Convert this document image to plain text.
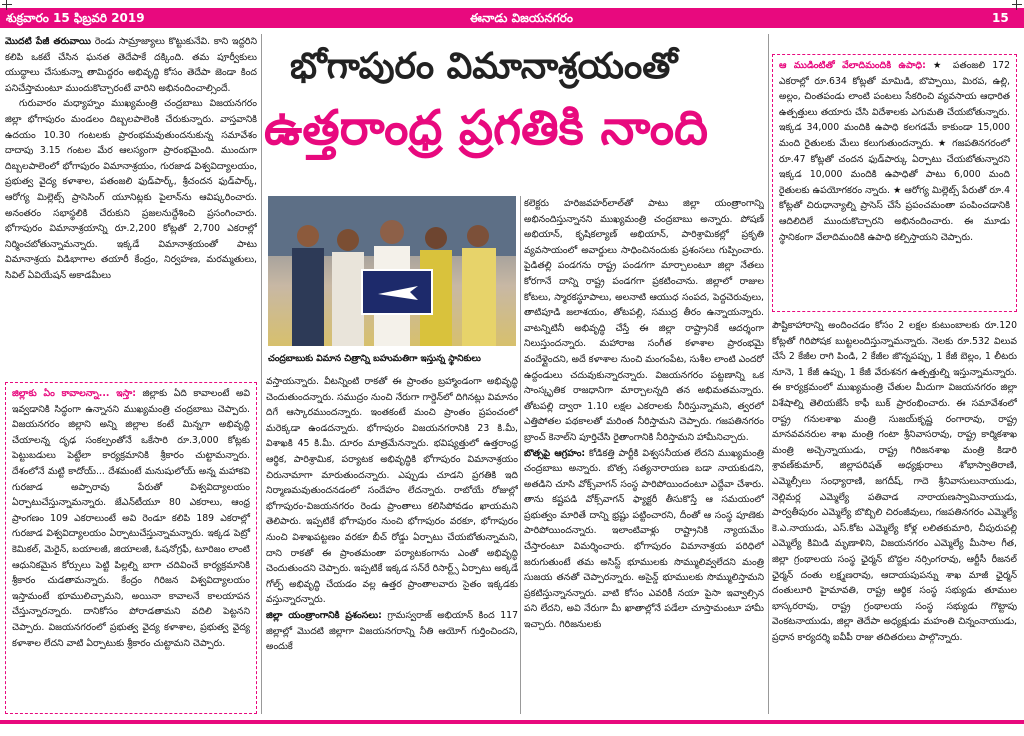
శుక్రవారం 15 ఫిబ్రవరి 2019	ఈనాడు విజయనగరం	15

మొదటి పేజీ తరువాయి రెండు సామ్రాజ్యాలు కొట్టుకునేవి. కాని ఇద్దరిని కలిపి ఒకటే చేసిన ఘనత తెదేపాకే దక్కింది. తమ పూర్వీకులు యుద్ధాలు చేసుకున్నా తామిద్దరం అభివృద్ధి కోసం తెదేపా జెండా కింద పనిచేస్తామంటూ ముందుకొచ్చారంటే వారిని అభినందించాల్సిందే.

గురువారం మధ్యాహ్నం ముఖ్యమంత్రి చంద్రబాబు విజయనగరం జిల్లా భోగాపురం మండలం దిబ్బలపాలెంకి చేరుకున్నారు. వాస్తవానికి ఉదయం 10.30 గంటలకు ప్రారంభమవుతుందనుకున్న సమావేశం దాదాపు 3.15 గంటల మేర ఆలస్యంగా ప్రారంభమైంది. ముందుగా దిబ్బలపాలెంలో భోగాపురం విమానాశ్రయం, గురజాడ విశ్వవిద్యాలయం, ప్రభుత్వ వైద్య కళాశాల, పతంజలి ఫుడ్‌పార్క్‌, శ్రీచందన ఫుడ్‌పార్క్‌, ఆరోగ్య మిల్లెట్స్‌ ప్రాసెసింగ్ యూనిట్లకు పైలాన్‌ను ఆవిష్కరించారు. అనంతరం సభాస్థలికి చేరుకుని ప్రజలనుద్దేశించి ప్రసంగించారు. భోగాపురం విమానాశ్రయాన్ని రూ.2,200 కోట్లతో 2,700 ఎకరాల్లో నిర్మించబోతున్నామన్నారు. ఇక్కడే విమానాశ్రయంతో పాటు విమానాశ్రయ విడిభాగాల తయారీ కేంద్రం, నిర్వహణ, మరమ్మతులు, సివిల్ ఏవియేషన్ అకాడమీలు

జిల్లాకు ఏం కావాలన్నా... ఇస్తా: జిల్లాకు ఏది కావాలంటే అవి ఇవ్వడానికి సిద్ధంగా ఉన్నానని ముఖ్యమంత్రి చంద్రబాబు చెప్పారు. విజయనగరం జిల్లాని అన్ని జిల్లాల కంటే మిన్నగా అభివృద్ధి చేయాలన్న దృఢ సంకల్పంతోనే ఒకేసారి రూ.3,000 కోట్లకు పెట్టుబడులు పెట్టేలా కార్యక్రమానికి శ్రీకారం చుట్టామన్నారు. దేశంలోనే మట్టి కాదోయ్... దేశమంటే మనుషులోయ్ అన్న మహాకవి గురజాడ అప్పారావు పేరుతో విశ్వవిద్యాలయం ఏర్పాటుచేస్తున్నామన్నారు. జేఎన్‌టీయూ 80 ఎకరాలు, ఆంధ్ర ప్రాంగణం 109 ఎకరాలుంటే అవి రెండూ కలిపి 189 ఎకరాల్లో గురజాడ విశ్వవిద్యాలయం ఏర్పాటుచేస్తున్నామన్నారు. ఇక్కడ పెట్రో కెమికల్, మెరైన్, బయాలజీ, జియాలజీ, ఓషనోగ్రఫీ, టూరిజం లాంటి ఆధునికమైన కోర్సులు పెట్టి పిల్లల్ని బాగా చదివించే కార్యక్రమానికి శ్రీకారం చుడతామన్నారు. కేంద్రం గిరిజన విశ్వవిద్యాలయం ఇస్తామంటే భూములిచ్చామని, అయినా కావాలనే కాలయాపన చేస్తున్నారన్నారు. దానికోసం పోరాడతామని వదిలి పెట్టనని చెప్పారు. విజయనగరంలో ప్రభుత్వ వైద్య కళాశాల, ప్రభుత్వ వైద్య కళాశాల లేదని వాటి ఏర్పాటుకు శ్రీకారం చుట్టామని చెప్పారు.
భోగాపురం విమానాశ్రయంతో
ఉత్తరాంధ్ర ప్రగతికి నాంది
చంద్రబాబుకు విమాన చిత్రాన్ని బహుమతిగా ఇస్తున్న స్థానికులు

వస్తాయన్నారు. వీటన్నింటి రాకతో ఈ ప్రాంతం బ్రహ్మాండంగా అభివృద్ధి చెందుతుందన్నారు. సముద్రం నుంచి నేరుగా గార్డెన్‌లో దిగినట్లు విమానం దిగే ఆస్కారముందన్నారు. ఇంతకంటే మంచి ప్రాంతం ప్రపంచంలో మరెక్కడా ఉండదన్నారు. భోగాపురం విజయనగరానికి 23 కి.మీ, విశాఖకి 45 కి.మీ. దూరం మాత్రమేనన్నారు. భవిష్యత్తులో ఉత్తరాంధ్ర ఆర్థిక, పారిశ్రామిక, పర్యాటక అభివృద్ధికి భోగాపురం విమానాశ్రయం చిరునామాగా మారుతుందన్నారు. ఎప్పుడు చూడని ప్రగతికి ఇది నిర్మాణమవుతుందనడంలో సందేహం లేదన్నారు. రాబోయే రోజుల్లో భోగాపురం-విజయనగరం రెండు ప్రాంతాలు కలిసిపోవడం ఖాయమని తెలిపారు. ఇప్పటికే భోగాపురం నుంచి భోగాపురం వరకూ, భోగాపురం నుంచి విశాఖపట్టణం వరకూ బీచ్ రోడ్డు ఏర్పాటు చేయబోతున్నామని, దాని రాకతో ఈ ప్రాంతమంతా పర్యాటకంగాను ఎంతో అభివృద్ధి చెందుతుందని చెప్పారు. ఇప్పటికే ఇక్కడ సన్‌రే రిసార్ట్స్ ఏర్పాటు అక్కడే గోల్ఫ్ అభివృద్ధి చేయడం వల్ల ఉత్తర ప్రాంతాలవారు సైతం ఇక్కడకు వస్తున్నారన్నారు.

జిల్లా యంత్రాంగానికి ప్రశంసలు: గ్రామస్వరాజ్ అభియాన్ కింద 117 జిల్లాల్లో మొదటి జిల్లాగా విజయనగరాన్ని నీతి ఆయోగ్ గుర్తించిందని, అందుకే

కలెక్టరు హరిజవహర్‌లాల్‌తో పాటు జిల్లా యంత్రాంగాన్ని అభినందిస్తున్నానని ముఖ్యమంత్రి చంద్రబాబు అన్నారు. పోషణ్ అభియాన్, కృషికల్యాణ్ అభియాన్, పారిశ్రామికల్లో ప్రకృతి వ్యవసాయంలో అవార్డులు సాధించినందుకు ప్రశంసలు గుప్పించారు. పైడితల్లి పండగను రాష్ట్ర పండగగా మార్చాలంటూ జిల్లా నేతలు కోరగానే దాన్ని రాష్ట్ర పండగగా ప్రకటించాను. జిల్లాలో రాజుల కోటలు, స్మారకస్థూపాలు, అలనాటి ఆయుధ సంపద, పెద్దచెరువులు, తాటిపూడి జలాశయం, తోటపల్లి, సముద్ర తీరం ఉన్నాయన్నారు. వాటన్నిటినీ అభివృద్ధి చేస్తే ఈ జిల్లా రాష్ట్రానికే ఆదర్శంగా నిలుస్తుందన్నారు. మహారాజ సంగీత కళాశాల ప్రారంభమై వందేళ్లైందని, అదే కళాశాల నుంచి మంగంపేట, సుశీల లాంటి ఎందరో ఉద్దండులు చదువుకున్నారన్నారు. విజయనగరం పట్టణాన్ని ఒక సాంస్కృతిక రాజధానిగా మార్చాలన్నది తన అభిమతమన్నారు. తోటపల్లి ద్వారా 1.10 లక్షల ఎకరాలకు నీరిస్తున్నామని, త్వరలో ఎత్తిపోతల పథకాలతో మరింత నీరిస్తామని చెప్పారు. గజపతినగరం బ్రాంచ్ కెనాల్‌ని పూర్తిచేసి రైతాంగానికి నీరిస్తామని హామీనిచ్చారు.

బొత్సపై ఆగ్రహం: కోడికత్తి పార్టీకి విశ్వసనీయత లేదని ముఖ్యమంత్రి చంద్రబాబు అన్నారు. బొత్స సత్యనారాయణ బడా నాయకుడని, అతడిని చూసి వోక్స్‌వాగన్ సంస్థ పారిపోయిందంటూ ఎద్దేవా చేశారు. తాను కష్టపడి వోక్స్‌వాగన్ ఫ్యాక్టరీ తీసుకొస్తే ఆ సమయంలో ప్రభుత్వం మారితే దాన్ని భ్రష్టు పట్టించారని, దీంతో ఆ సంస్థ పూణెకు పారిపోయిందన్నారు. ఇలాంటివాళ్లు రాష్ట్రానికి న్యాయమేం చేస్తారంటూ విమర్శించారు. భోగాపురం విమానాశ్రయ పరిధిలో జరుగుతుంటే తమ అసిస్ట్ భూములకు సొమ్ములివ్వలేదని మంత్రి సుజయ తనతో చెప్పారన్నారు. అసైన్డ్ భూములకు సొమ్ములిస్తామని ప్రకటిస్తున్నానన్నారు. వాటి కోసం ఎవరికీ నయా పైసా ఇవ్వాల్సిన పని లేదని, అవి నేరుగా మీ ఖాతాల్లోనే పడేలా చూస్తామంటూ హామీ ఇచ్చారు. గిరిజనులకు

ఆ ముడింటితో వేలాదిమందికి ఉపాధి: ★ పతంజలి 172 ఎకరాల్లో రూ.634 కోట్లతో మామిడి, బొప్పాయి, మిరప, ఉల్లి, అల్లం, చింతపండు లాంటి పంటలు సేకరించి వ్యవసాయ ఆధారిత ఉత్పత్తులు తయారు చేసి విదేశాలకు ఎగుమతి చేయబోతున్నారు. ఇక్కడ 34,000 మందికి ఉపాధి కలగడమే కాకుండా 15,000 మంది రైతులకు మేలు కలుగుతుందన్నారు. ★ గజపతినగరంలో రూ.47 కోట్లతో చందన ఫుడ్‌పార్కు ఏర్పాటు చేయబోతున్నారని ఇక్కడ 10,000 మందికి ఉపాధితో పాటు 6,000 మంది రైతులకు ఉపయోగకరం న్నారు. ★ ఆరోగ్య మిల్లెట్స్ పేరుతో రూ.4 కోట్లతో చిరుధాన్యాల్ని ప్రాసెస్ చేసే ప్రపంచమంతా పంపించడానికి ఆదిలిదిలే ముందుకొచ్చారని అభినందించారు. ఈ మూడు స్థానికంగా వేలాదిమందికి ఉపాధి కల్పిస్తాయని చెప్పారు.

పౌష్టికాహారాన్ని అందించడం కోసం 2 లక్షల కుటుంబాలకు రూ.120 కోట్లతో గిరిపోషక బుట్టలందిస్తున్నామన్నారు. నెలకు రూ.532 విలువ చేసే 2 కేజీల రాగి పిండి, 2 కేజీల జొన్నపప్పు, 1 కేజీ బెల్లం, 1 లీటరు నూనె, 1 కేజీ ఉప్పు, 1 కేజీ వేరుశనగ ఉత్పత్తుల్ని ఇస్తున్నామన్నారు. ఈ కార్యక్రమంలో ముఖ్యమంత్రి చేతుల మీదుగా విజయనగరం జిల్లా విశేషాల్ని తెలియజేసే కాఫీ బుక్ ప్రారంభించారు. ఈ సమావేశంలో రాష్ట్ర గనులశాఖ మంత్రి సుజయ్‌కృష్ణ రంగారావు, రాష్ట్ర మానవవనరుల శాఖ మంత్రి గంటా శ్రీనివాసరావు, రాష్ట్ర కార్మికశాఖ మంత్రి అచ్చెన్నాయుడు, రాష్ట్ర గిరిజనశాఖ మంత్రి కిడారి శ్రావణ్‌కుమార్, జిల్లాపరిషత్ అధ్యక్షురాలు శోభాస్వాతిరాణి, ఎమ్మెల్సీలు సంధ్యారాణి, జగదీష్, గాదె శ్రీనివాసులునాయుడు, నెల్లిమర్ల ఎమ్మెల్యే పతివాడ నారాయణస్వామినాయుడు, పార్వతీపురం ఎమ్మెల్యే బొబ్బిలి చిరంజీవులు, గజపతినగరం ఎమ్మెల్యే కె.ఎ.నాయుడు, ఎస్.కోట ఎమ్మెల్యే కోళ్ల లలితకుమారి, చీపురుపల్లి ఎమ్మెల్యే కిమిడి మృణాళిని, విజయనగరం ఎమ్మెల్యే మీసాల గీత, జిల్లా గ్రంథాలయ సంస్థ ఛైర్మన్ బొద్దల నర్సింగరావు, ఆర్టీసీ రీజనల్ ఛైర్మన్ దంతు లక్ష్మణరావు, ఆదాయపుపన్ను శాఖ మాజీ ఛైర్మన్ దంతులూరి హైమావతి, రాష్ట్ర ఆర్థిక సంస్థ సభ్యుడు తూముల భాస్కరరావు, రాష్ట్ర గ్రంథాలయ సంస్థ సభ్యుడు గొట్టాపు వెంకటనాయుడు, జిల్లా తెదేపా అధ్యక్షుడు మహంతి చిన్నంనాయుడు, ప్రధాన కార్యదర్శి ఐవీపీ రాజు తదితరులు పాల్గొన్నారు.
